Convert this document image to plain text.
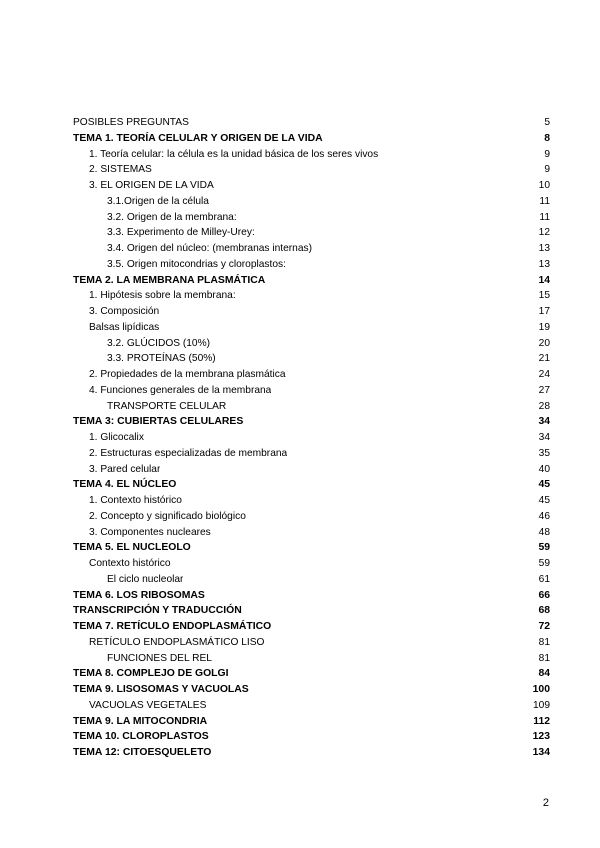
POSIBLES PREGUNTAS	5
TEMA 1. TEORÍA CELULAR Y ORIGEN DE LA VIDA	8
1. Teoría celular: la célula es la unidad básica de los seres vivos	9
2. SISTEMAS	9
3. EL ORIGEN DE LA VIDA	10
3.1.Origen de la célula	11
3.2. Origen de la membrana:	11
3.3. Experimento de Milley-Urey:	12
3.4. Origen del núcleo: (membranas internas)	13
3.5. Origen mitocondrias y cloroplastos:	13
TEMA 2. LA MEMBRANA PLASMÁTICA	14
1. Hipótesis sobre la membrana:	15
3. Composición	17
Balsas lipídicas	19
3.2. GLÚCIDOS (10%)	20
3.3. PROTEÍNAS (50%)	21
2. Propiedades de la membrana plasmática	24
4. Funciones generales de la membrana	27
TRANSPORTE CELULAR	28
TEMA 3: CUBIERTAS CELULARES	34
1. Glicocalix	34
2. Estructuras especializadas de membrana	35
3. Pared celular	40
TEMA 4. EL NÚCLEO	45
1. Contexto histórico	45
2. Concepto y significado biológico	46
3. Componentes nucleares	48
TEMA 5. EL NUCLEOLO	59
Contexto histórico	59
El ciclo nucleolar	61
TEMA 6. LOS RIBOSOMAS	66
TRANSCRIPCIÓN Y TRADUCCIÓN	68
TEMA 7. RETÍCULO ENDOPLASMÁTICO	72
RETÍCULO ENDOPLASMÁTICO LISO	81
FUNCIONES DEL REL	81
TEMA 8. COMPLEJO DE GOLGI	84
TEMA 9. LISOSOMAS Y VACUOLAS	100
VACUOLAS VEGETALES	109
TEMA 9. LA MITOCONDRIA	112
TEMA 10. CLOROPLASTOS	123
TEMA 12: CITOESQUELETO	134
2
